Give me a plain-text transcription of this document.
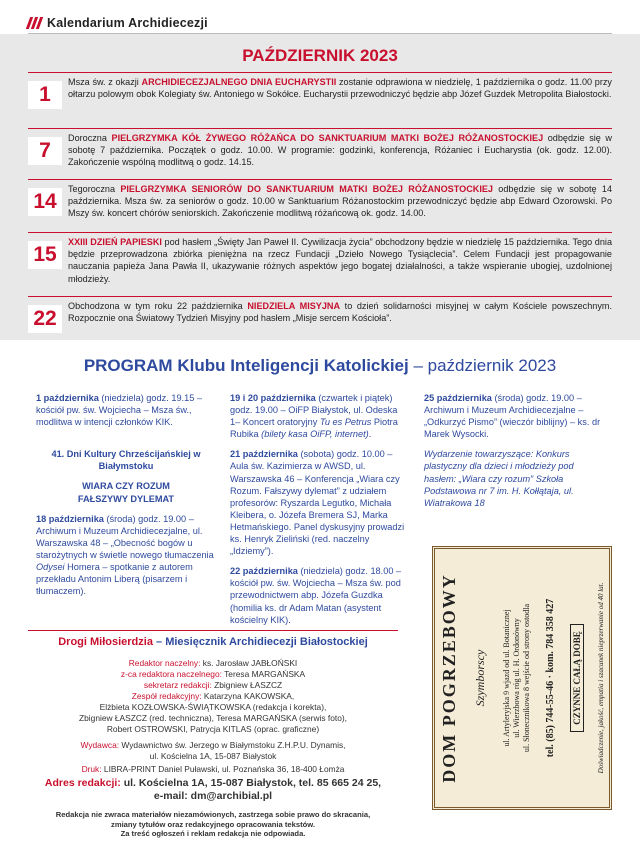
Kalendarium Archidiecezji
PAŹDZIERNIK 2023
1
Msza św. z okazji ARCHIDIECEZJALNEGO DNIA EUCHARYSTII zostanie odprawiona w niedzielę, 1 października o godz. 11.00 przy ołtarzu polowym obok Kolegiaty św. Antoniego w Sokółce. Eucharystii przewodniczyć będzie abp Józef Guzdek Metropolita Białostocki.
7
Doroczna PIELGRZYMKA KÓŁ ŻYWEGO RÓŻAŃCA DO SANKTUARIUM MATKI BOŻEJ RÓŻANOSTOCKIEJ odbędzie się w sobotę 7 października. Początek o godz. 10.00. W programie: godzinki, konferencja, Różaniec i Eucharystia (ok. godz. 12.00). Zakończenie wspólną modlitwą o godz. 14.15.
14
Tegoroczna PIELGRZYMKA SENIORÓW DO SANKTUARIUM MATKI BOŻEJ RÓŻANOSTOCKIEJ odbędzie się w sobotę 14 października. Msza św. za seniorów o godz. 10.00 w Sanktuarium Różanostockim przewodniczyć będzie abp Edward Ozorowski. Po Mszy św. koncert chórów seniorskich. Zakończenie modlitwą różańcową ok. godz. 14.00.
15
XXIII DZIEŃ PAPIESKI pod hasłem „Święty Jan Paweł II. Cywilizacja życia” obchodzony będzie w niedzielę 15 października. Tego dnia będzie przeprowadzona zbiórka pieniężna na rzecz Fundacji „Dzieło Nowego Tysiąclecia”. Celem Fundacji jest propagowanie nauczania papieża Jana Pawła II, ukazywanie różnych aspektów jego bogatej działalności, a także wspieranie ubogiej, uzdolnionej młodzieży.
22
Obchodzona w tym roku 22 października NIEDZIELA MISYJNA to dzień solidarności misyjnej w całym Kościele powszechnym. Rozpocznie ona Światowy Tydzień Misyjny pod hasłem „Misje sercem Kościoła”.
PROGRAM Klubu Inteligencji Katolickiej – październik 2023

1 października (niedziela) godz. 19.15 – kościół pw. św. Wojciecha – Msza św., modlitwa w intencji członków KIK.

41. Dni Kultury Chrześcijańskiej w Białymstoku

WIARA CZY ROZUM FAŁSZYWY DYLEMAT

18 października (środa) godz. 19.00 – Archiwum i Muzeum Archidiecezjalne, ul. Warszawska 48 – „Obecność bogów u starożytnych w świetle nowego tłumaczenia Odysei Homera – spotkanie z autorem przekładu Antonim Liberą (pisarzem i tłumaczem).

19 i 20 października (czwartek i piątek) godz. 19.00 – OiFP Białystok, ul. Odeska 1– Koncert oratoryjny Tu es Petrus Piotra Rubika (bilety kasa OiFP, internet).

21 października (sobota) godz. 10.00 – Aula św. Kazimierza w AWSD, ul. Warszawska 46 – Konferencja „Wiara czy Rozum. Fałszywy dylemat” z udziałem profesorów: Ryszarda Legutko, Michała Kleibera, o. Józefa Bremera SJ, Marka Hetmańskiego. Panel dyskusyjny prowadzi ks. Henryk Zieliński (red. naczelny „Idziemy”).

22 października (niedziela) godz. 18.00 – kościół pw. św. Wojciecha – Msza św. pod przewodnictwem abp. Józefa Guzdka (homilia ks. dr Adam Matan (asystent kościelny KIK).

25 października (środa) godz. 19.00 – Archiwum i Muzeum Archidiecezjalne – „Odkurzyć Pismo” (wieczór biblijny) – ks. dr Marek Wysocki.

Wydarzenie towarzyszące: Konkurs plastyczny dla dzieci i młodzieży pod hasłem: „Wiara czy rozum” Szkoła Podstawowa nr 7 im. H. Kołłątaja, ul. Wiatrakowa 18

DOM POGRZEBOWY Szymborscy ul. Artyleryjska 9 wjazd od ul. Botanicznej
ul. Wierzbowa róg ul. H. Ordonówny
ul. Słonecznikowa 8 wejście od strony ostodla tel. (85) 744-55-46 · kom. 784 358 427 CZYNNE CAŁĄ DOBĘ Doświadczenie, jakość, empatia i szacunek nieprzerwanie od 40 lat.
Drogi Miłosierdzia – Miesięcznik Archidiecezji Białostockiej
Redaktor naczelny: ks. Jarosław JABŁOŃSKI
z-ca redaktora naczelnego: Teresa MARGAŃSKA
sekretarz redakcji: Zbigniew ŁASZCZ
Zespół redakcyjny: Katarzyna KAKOWSKA,
Elżbieta KOZŁOWSKA-ŚWIĄTKOWSKA (redakcja i korekta),
Zbigniew ŁASZCZ (red. techniczna), Teresa MARGAŃSKA (serwis foto),
Robert OSTROWSKI, Patrycja KITLAS (oprac. graficzne)
Wydawca: Wydawnictwo św. Jerzego w Białymstoku Z.H.P.U. Dynamis,
ul. Kościelna 1A, 15-087 Białystok
Druk: LIBRA-PRINT Daniel Puławski, ul. Poznańska 36, 18-400 Łomża
Adres redakcji: ul. Kościelna 1A, 15-087 Białystok, tel. 85 665 24 25,
e-mail: dm@archibial.pl
Redakcja nie zwraca materiałów niezamówionych, zastrzega sobie prawo do skracania,
zmiany tytułów oraz redakcyjnego opracowania tekstów.
Za treść ogłoszeń i reklam redakcja nie odpowiada.
